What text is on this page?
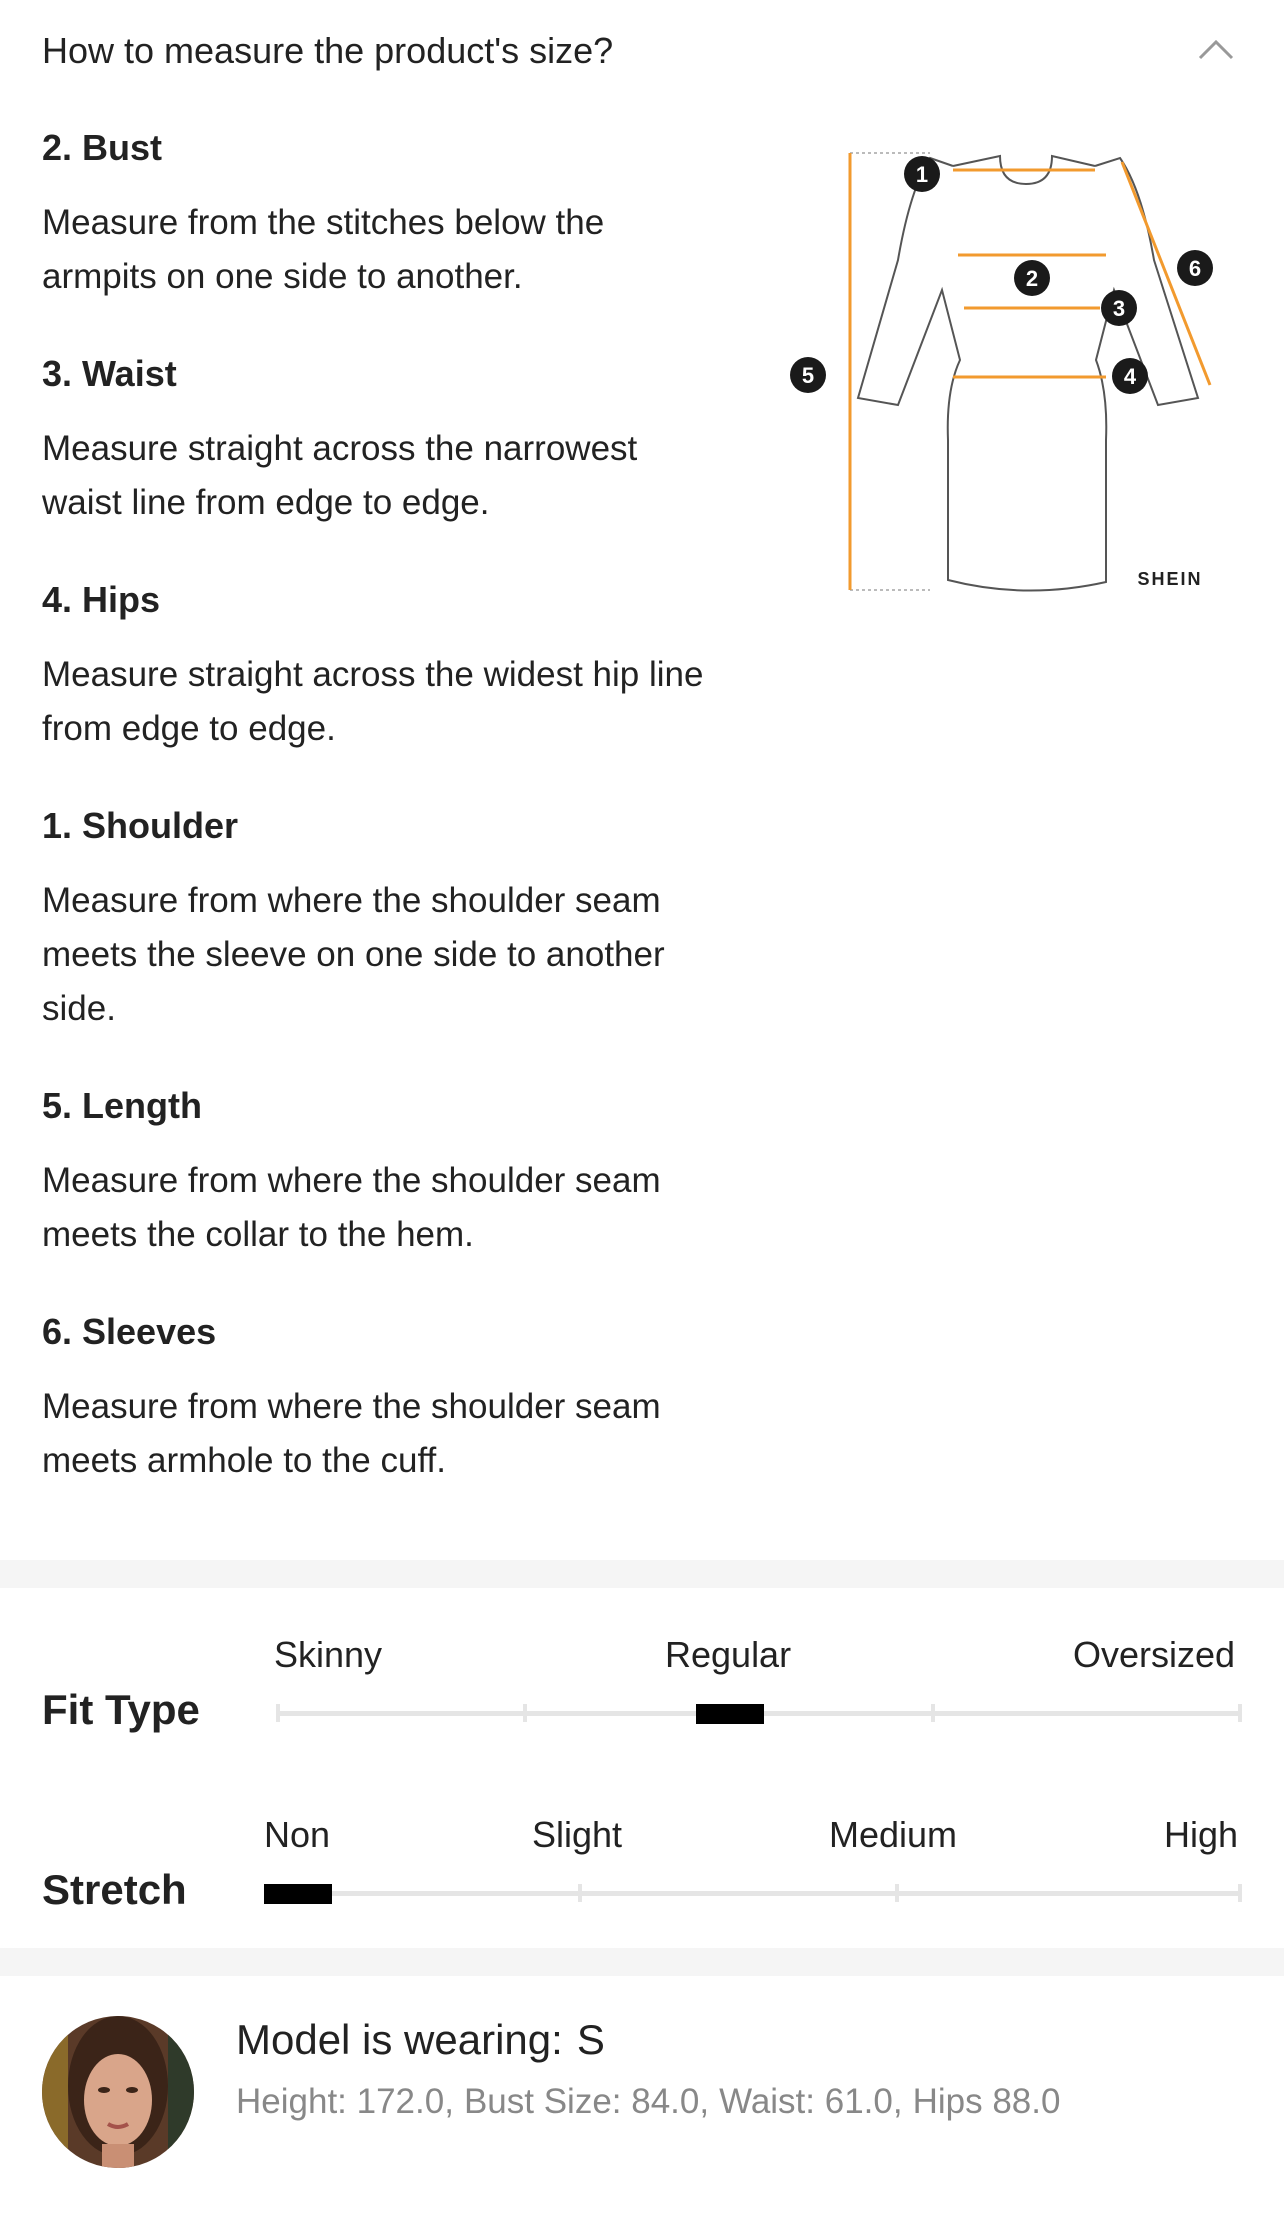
How to measure the product's size?
2. Bust
Measure from the stitches below the armpits on one side to another.
3. Waist
Measure straight across the narrowest waist line from edge to edge.
4. Hips
Measure straight across the widest hip line from edge to edge.
1. Shoulder
Measure from where the shoulder seam meets the sleeve on one side to another side.
5. Length
Measure from where the shoulder seam meets the collar to the hem.
6. Sleeves
Measure from where the shoulder seam meets armhole to the cuff.
1
2
3
4
5
6
SHEIN
Skinny	Regular	Oversized
Fit Type
Non	Slight	Medium	High
Stretch
Model is wearing: S
Height: 172.0, Bust Size: 84.0, Waist: 61.0, Hips 88.0
